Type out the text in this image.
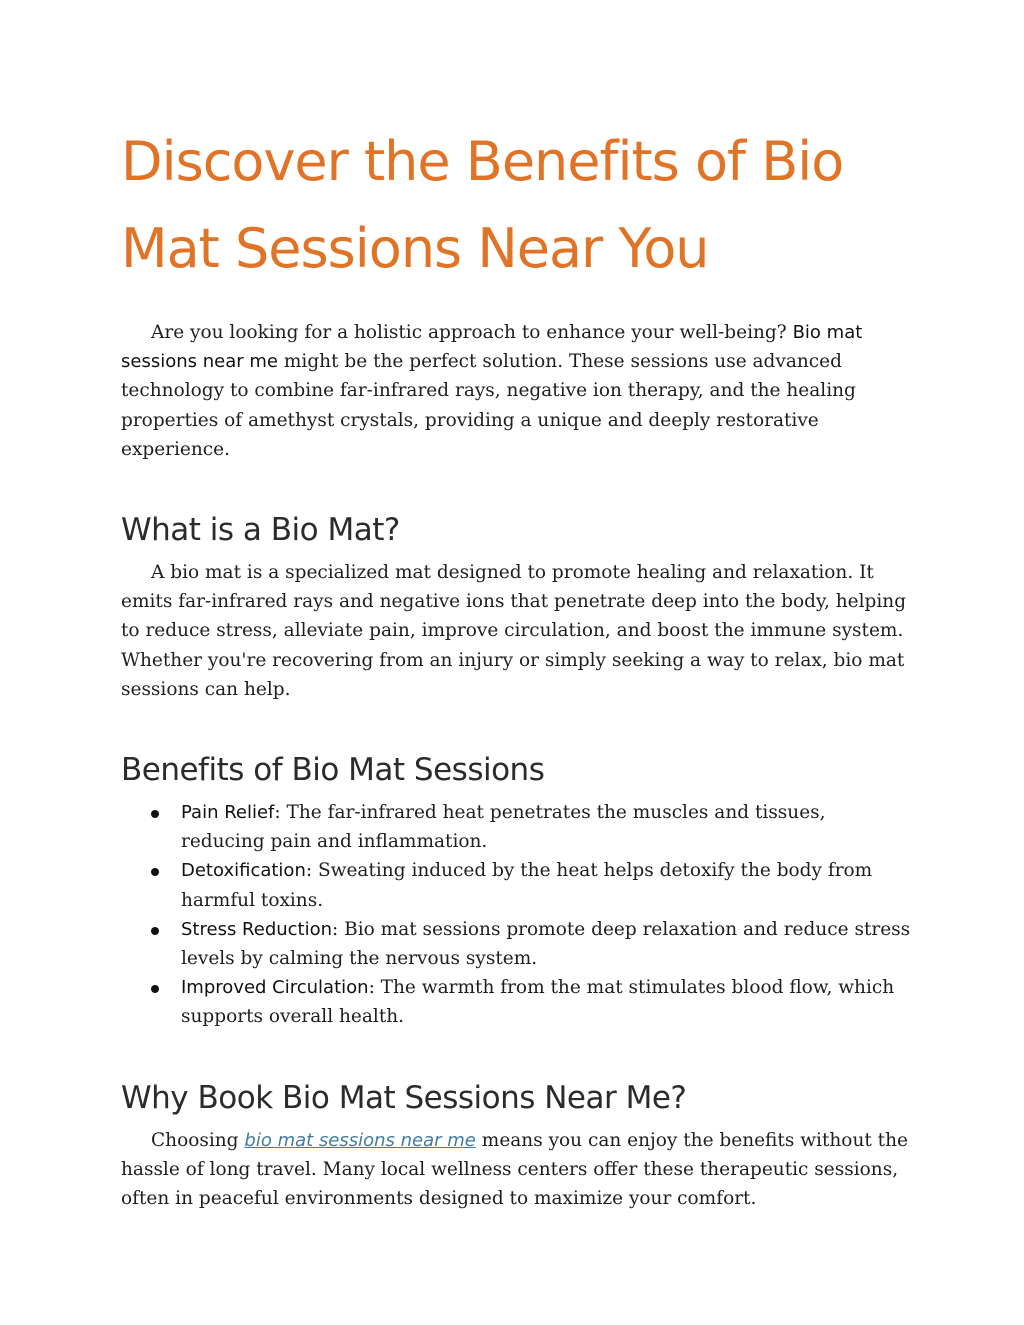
Discover the Benefits of Bio Mat Sessions Near You

Are you looking for a holistic approach to enhance your well-being? Bio mat sessions near me might be the perfect solution. These sessions use advanced technology to combine far-infrared rays, negative ion therapy, and the healing properties of amethyst crystals, providing a unique and deeply restorative experience.

What is a Bio Mat?

A bio mat is a specialized mat designed to promote healing and relaxation. It emits far-infrared rays and negative ions that penetrate deep into the body, helping to reduce stress, alleviate pain, improve circulation, and boost the immune system. Whether you're recovering from an injury or simply seeking a way to relax, bio mat sessions can help.

Benefits of Bio Mat Sessions
Pain Relief: The far-infrared heat penetrates the muscles and tissues, reducing pain and inflammation.
Detoxification: Sweating induced by the heat helps detoxify the body from harmful toxins.
Stress Reduction: Bio mat sessions promote deep relaxation and reduce stress levels by calming the nervous system.
Improved Circulation: The warmth from the mat stimulates blood flow, which supports overall health.
Why Book Bio Mat Sessions Near Me?

Choosing bio mat sessions near me means you can enjoy the benefits without the hassle of long travel. Many local wellness centers offer these therapeutic sessions, often in peaceful environments designed to maximize your comfort.
